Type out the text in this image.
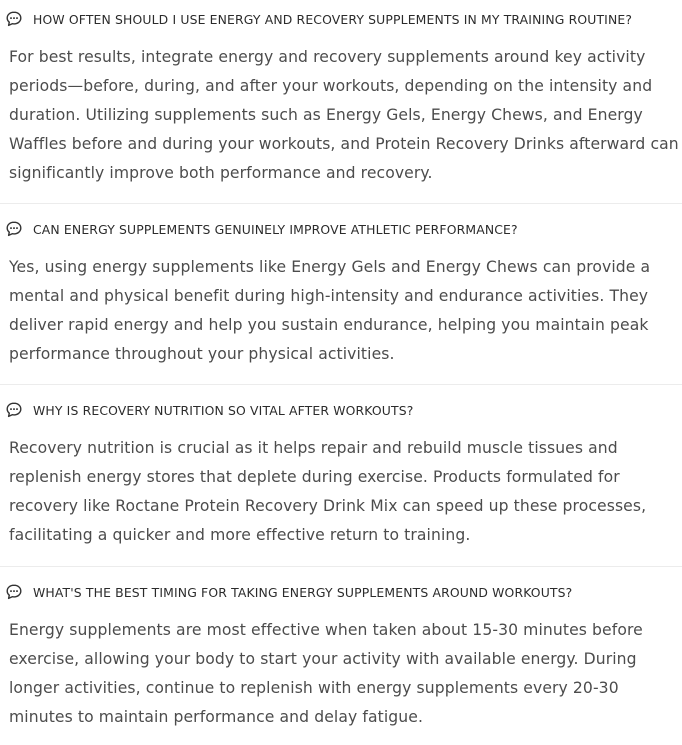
HOW OFTEN SHOULD I USE ENERGY AND RECOVERY SUPPLEMENTS IN MY TRAINING ROUTINE?

For best results, integrate energy and recovery supplements around key activity periods—before, during, and after your workouts, depending on the intensity and duration. Utilizing supplements such as Energy Gels, Energy Chews, and Energy Waffles before and during your workouts, and Protein Recovery Drinks afterward can significantly improve both performance and recovery.

CAN ENERGY SUPPLEMENTS GENUINELY IMPROVE ATHLETIC PERFORMANCE?

Yes, using energy supplements like Energy Gels and Energy Chews can provide a mental and physical benefit during high-intensity and endurance activities. They deliver rapid energy and help you sustain endurance, helping you maintain peak performance throughout your physical activities.

WHY IS RECOVERY NUTRITION SO VITAL AFTER WORKOUTS?

Recovery nutrition is crucial as it helps repair and rebuild muscle tissues and replenish energy stores that deplete during exercise. Products formulated for recovery like Roctane Protein Recovery Drink Mix can speed up these processes, facilitating a quicker and more effective return to training.

WHAT'S THE BEST TIMING FOR TAKING ENERGY SUPPLEMENTS AROUND WORKOUTS?

Energy supplements are most effective when taken about 15-30 minutes before exercise, allowing your body to start your activity with available energy. During longer activities, continue to replenish with energy supplements every 20-30 minutes to maintain performance and delay fatigue.
